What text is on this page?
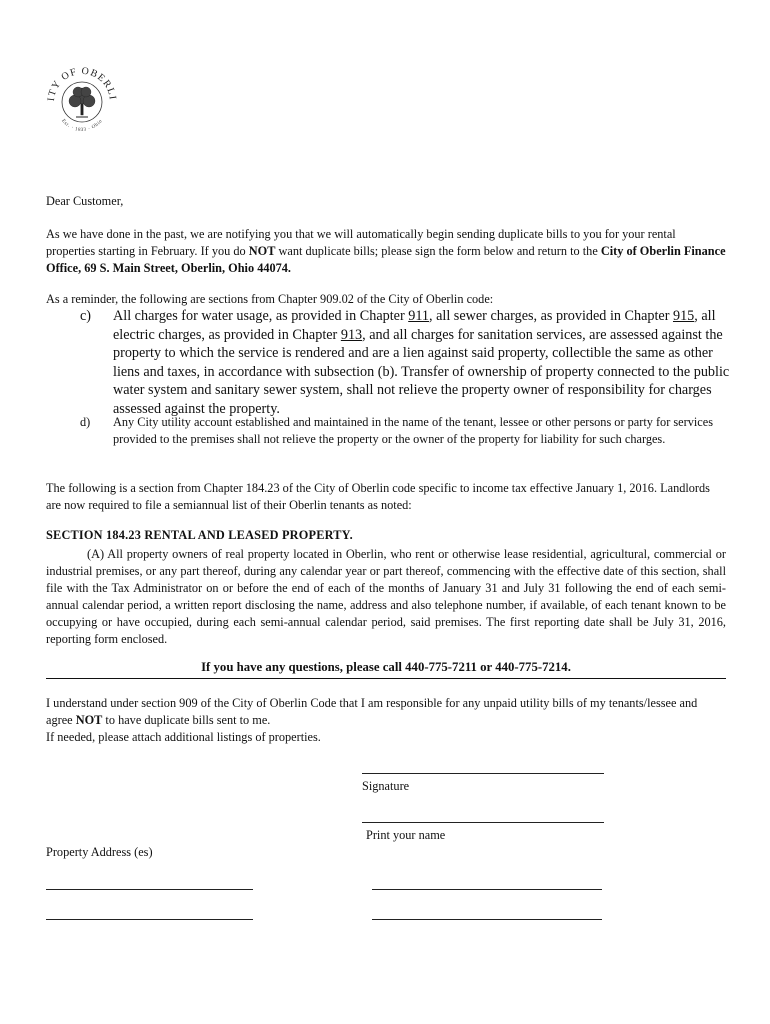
ITY OF OBERLI
Est. · 1833 · Ohio
Dear Customer,
As we have done in the past, we are notifying you that we will automatically begin sending duplicate bills to you for your rental properties starting in February. If you do NOT want duplicate bills; please sign the form below and return to the City of Oberlin Finance Office, 69 S. Main Street, Oberlin, Ohio 44074.
As a reminder, the following are sections from Chapter 909.02 of the City of Oberlin code:
c)	All charges for water usage, as provided in Chapter 911, all sewer charges, as provided in Chapter 915, all electric charges, as provided in Chapter 913, and all charges for sanitation services, are assessed against the property to which the service is rendered and are a lien against said property, collectible the same as other liens and taxes, in accordance with subsection (b). Transfer of ownership of property connected to the public water system and sanitary sewer system, shall not relieve the property owner of responsibility for charges assessed against the property.
d)	Any City utility account established and maintained in the name of the tenant, lessee or other persons or party for services provided to the premises shall not relieve the property or the owner of the property for liability for such charges.
The following is a section from Chapter 184.23 of the City of Oberlin code specific to income tax effective January 1, 2016. Landlords are now required to file a semiannual list of their Oberlin tenants as noted:
SECTION 184.23 RENTAL AND LEASED PROPERTY.
(A) All property owners of real property located in Oberlin, who rent or otherwise lease residential, agricultural, commercial or industrial premises, or any part thereof, during any calendar year or part thereof, commencing with the effective date of this section, shall file with the Tax Administrator on or before the end of each of the months of January 31 and July 31 following the end of each semi-annual calendar period, a written report disclosing the name, address and also telephone number, if available, of each tenant known to be occupying or have occupied, during each semi-annual calendar period, said premises. The first reporting date shall be July 31, 2016, reporting form enclosed.
If you have any questions, please call 440-775-7211 or 440-775-7214.
I understand under section 909 of the City of Oberlin Code that I am responsible for any unpaid utility bills of my tenants/lessee and agree NOT to have duplicate bills sent to me.
If needed, please attach additional listings of properties.
Signature
Print your name
Property Address (es)
